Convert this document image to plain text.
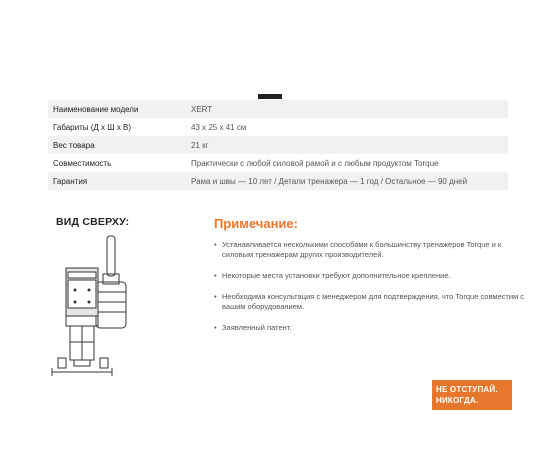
Наименование модели	XERT
Габариты (Д х Ш х В)	43 х 25 х 41 см
Вес товара	21 кг
Совместимость	Практически с любой силовой рамой и с любым продуктом Torque
Гарантия	Рама и швы — 10 лет / Детали тренажера — 1 год / Остальное — 90 дней
ВИД СВЕРХУ:	Примечание:
• Устанавливается несколькими способами к большинству тренажеров Torque и к силовым тренажерам других производителей.
• Некоторые места установки требуют дополнительное крепление.
• Необходима консультация с менеджером для подтверждения, что Torque совместим с вашим оборудованием.
• Заявленный патент.
НЕ ОТСТУПАЙ.
НИКОГДА.
